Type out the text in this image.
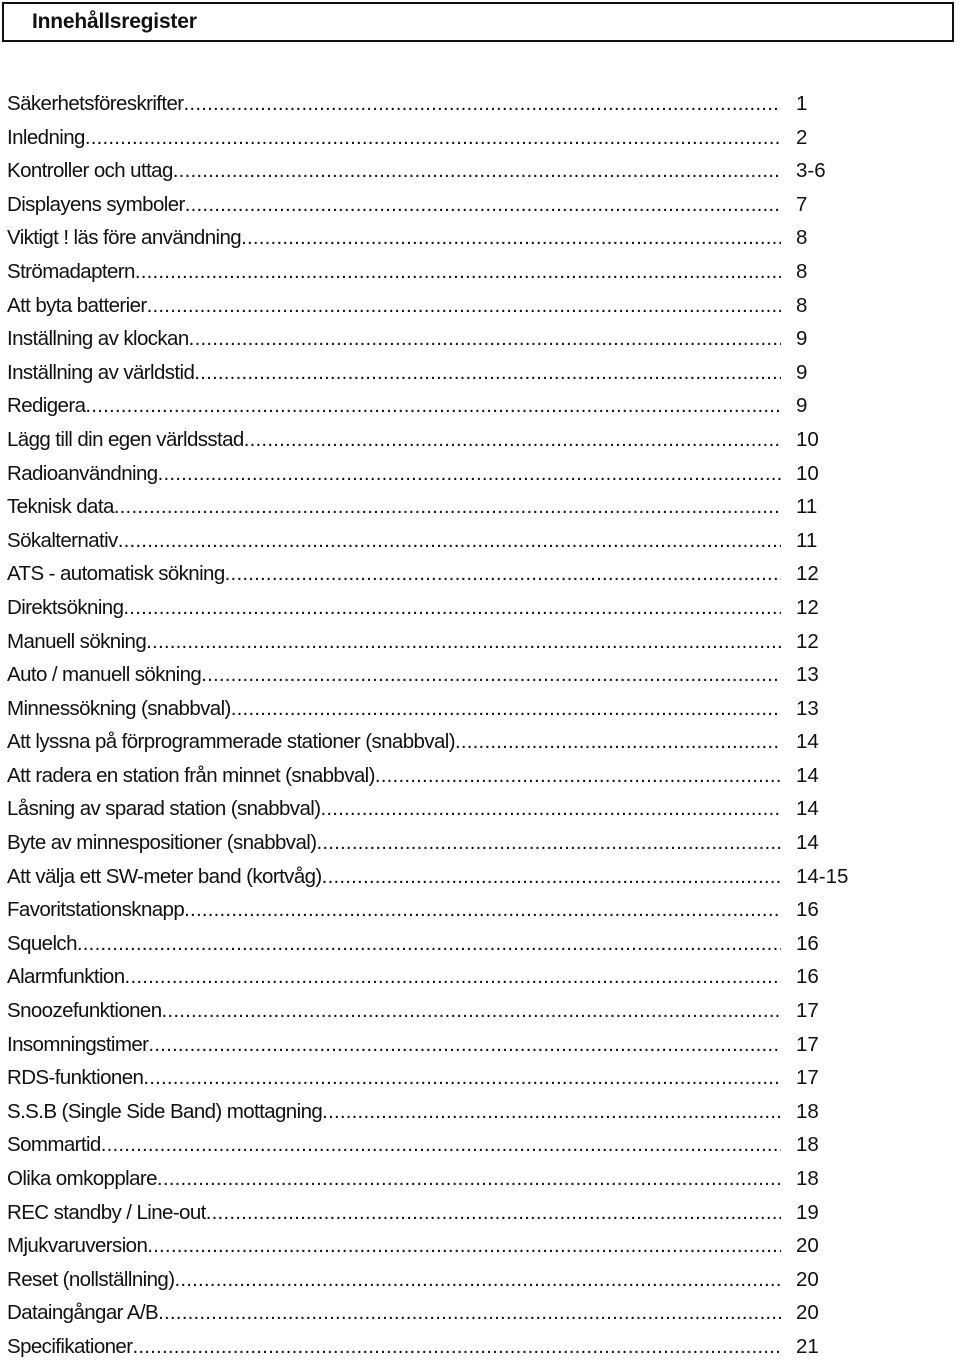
Innehållsregister
Säkerhetsföreskrifter .....	1
Inledning .....	2
Kontroller och uttag .....	3-6
Displayens symboler .....	7
Viktigt ! läs före användning .....	8
Strömadaptern .....	8
Att byta batterier .....	8
Inställning av klockan .....	9
Inställning av världstid .....	9
Redigera .....	9
Lägg till din egen världsstad .....	10
Radioanvändning .....	10
Teknisk data .....	11
Sökalternativ .....	11
ATS - automatisk sökning .....	12
Direktsökning .....	12
Manuell sökning .....	12
Auto / manuell sökning .....	13
Minnessökning (snabbval) .....	13
Att lyssna på förprogrammerade stationer (snabbval) .....	14
Att radera en station från minnet (snabbval) .....	14
Låsning av sparad station (snabbval) .....	14
Byte av minnespositioner (snabbval) .....	14
Att välja ett SW-meter band (kortvåg) .....	14-15
Favoritstationsknapp .....	16
Squelch .....	16
Alarmfunktion .....	16
Snoozefunktionen .....	17
Insomningstimer .....	17
RDS-funktionen .....	17
S.S.B (Single Side Band) mottagning .....	18
Sommartid .....	18
Olika omkopplare .....	18
REC standby / Line-out .....	19
Mjukvaruversion .....	20
Reset (nollställning) .....	20
Dataingångar A/B .....	20
Specifikationer .....	21
